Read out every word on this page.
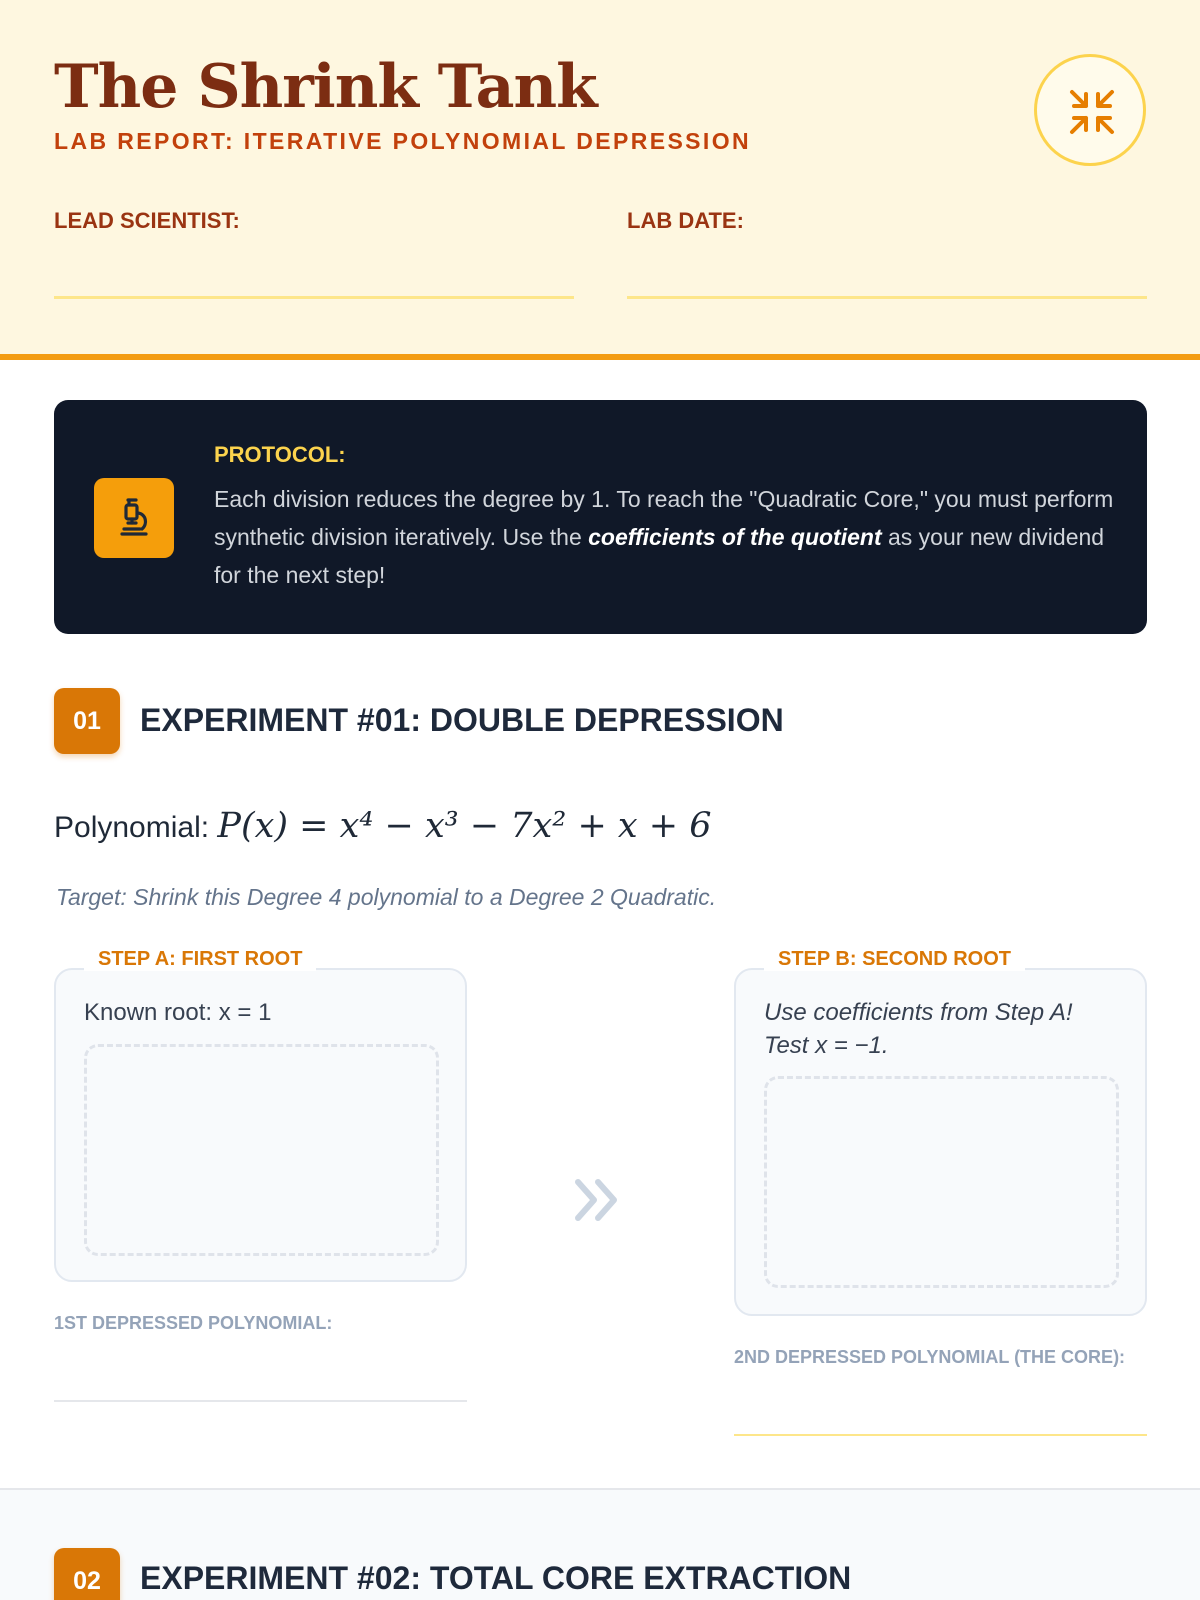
The Shrink Tank
LAB REPORT: ITERATIVE POLYNOMIAL DEPRESSION
LEAD SCIENTIST:	LAB DATE:
PROTOCOL:
Each division reduces the degree by 1. To reach the "Quadratic Core," you must perform synthetic division iteratively. Use the coefficients of the quotient as your new dividend for the next step!
01	EXPERIMENT #01: DOUBLE DEPRESSION
Polynomial: P(x) = x⁴ − x³ − 7x² + x + 6
Target: Shrink this Degree 4 polynomial to a Degree 2 Quadratic.
STEP A: FIRST ROOT
Known root: x = 1
STEP B: SECOND ROOT
Use coefficients from Step A!
Test x = −1.
1ST DEPRESSED POLYNOMIAL:
2ND DEPRESSED POLYNOMIAL (THE CORE):
02	EXPERIMENT #02: TOTAL CORE EXTRACTION
